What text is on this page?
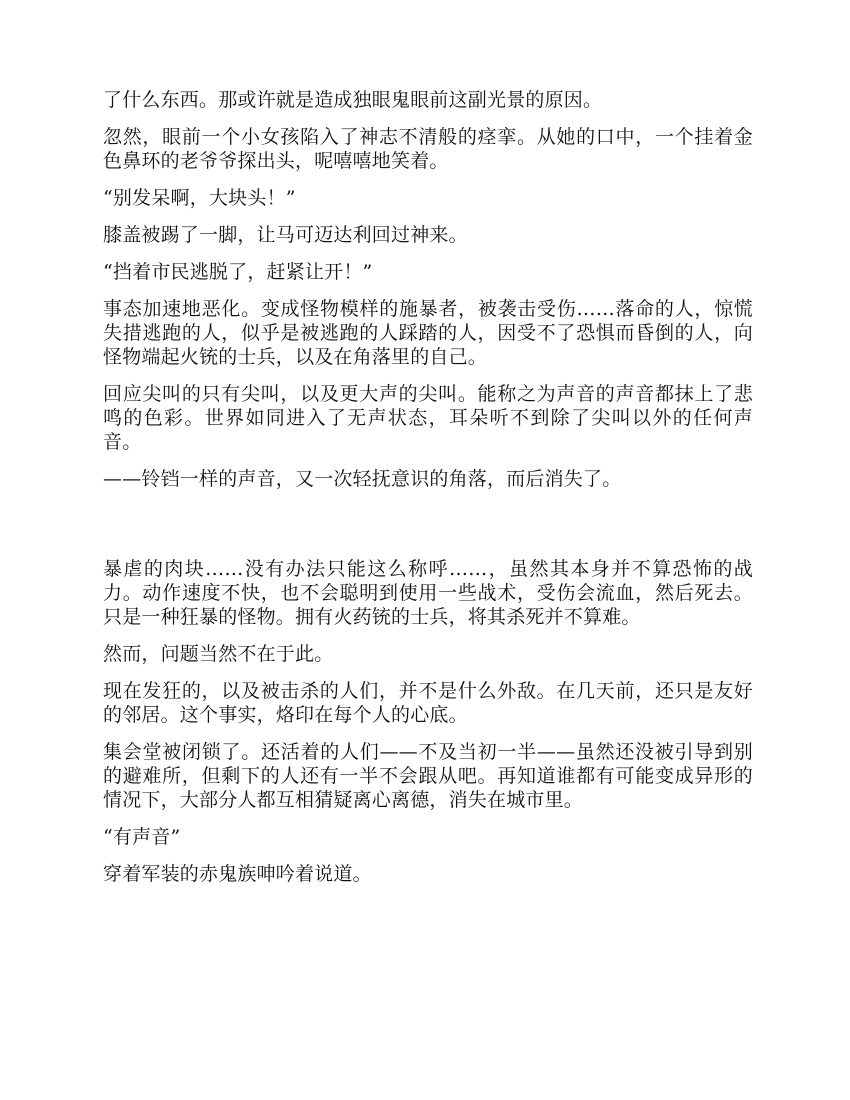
了什么东西。那或许就是造成独眼鬼眼前这副光景的原因。

忽然，眼前一个小女孩陷入了神志不清般的痉挛。从她的口中，一个挂着金色鼻环的老爷爷探出头，呢嘻嘻地笑着。

“别发呆啊，大块头！”

膝盖被踢了一脚，让马可迈达利回过神来。

“挡着市民逃脱了，赶紧让开！”

事态加速地恶化。变成怪物模样的施暴者，被袭击受伤……落命的人，惊慌失措逃跑的人，似乎是被逃跑的人踩踏的人，因受不了恐惧而昏倒的人，向怪物端起火铳的士兵，以及在角落里的自己。

回应尖叫的只有尖叫，以及更大声的尖叫。能称之为声音的声音都抹上了悲鸣的色彩。世界如同进入了无声状态，耳朵听不到除了尖叫以外的任何声音。

——铃铛一样的声音，又一次轻抚意识的角落，而后消失了。

暴虐的肉块……没有办法只能这么称呼……，虽然其本身并不算恐怖的战力。动作速度不快，也不会聪明到使用一些战术，受伤会流血，然后死去。只是一种狂暴的怪物。拥有火药铳的士兵，将其杀死并不算难。

然而，问题当然不在于此。

现在发狂的，以及被击杀的人们，并不是什么外敌。在几天前，还只是友好的邻居。这个事实，烙印在每个人的心底。

集会堂被闭锁了。还活着的人们——不及当初一半——虽然还没被引导到别的避难所，但剩下的人还有一半不会跟从吧。再知道谁都有可能变成异形的情况下，大部分人都互相猜疑离心离德，消失在城市里。

“有声音”

穿着军装的赤鬼族呻吟着说道。
